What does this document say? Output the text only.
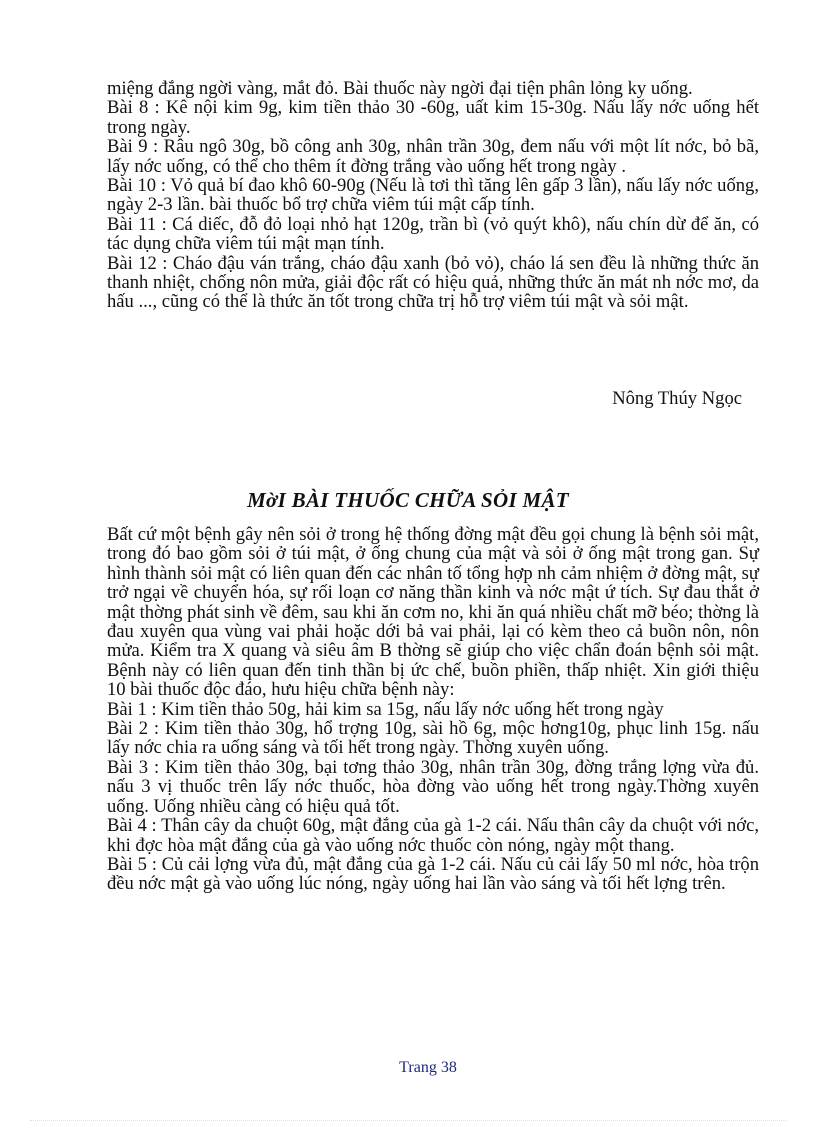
miệng đắng ngời vàng, mắt đỏ. Bài thuốc này ngời đại tiện phân lỏng ky uống.

Bài 8 : Kê nội kim 9g, kim tiền thảo 30 -60g, uất kim 15-30g. Nấu lấy nớc uống hết trong ngày.

Bài 9 : Râu ngô 30g, bồ công anh 30g, nhân trần 30g, đem nấu với một lít nớc, bỏ bã, lấy nớc uống, có thể cho thêm ít đờng trắng vào uống hết trong ngày .

Bài 10 : Vỏ quả bí đao khô 60-90g (Nếu là tơi thì tăng lên gấp 3 lần), nấu lấy nớc uống, ngày 2-3 lần. bài thuốc bổ trợ chữa viêm túi mật cấp tính.

Bài 11 : Cá diếc, đỗ đỏ loại nhỏ hạt 120g, trần bì (vỏ quýt khô), nấu chín dừ để ăn, có tác dụng chữa viêm túi mật mạn tính.

Bài 12 : Cháo đậu ván trắng, cháo đậu xanh (bỏ vỏ), cháo lá sen đều là những thức ăn thanh nhiệt, chống nôn mửa, giải độc rất có hiệu quả, những thức ăn mát nh nớc mơ, da hấu ..., cũng có thể là thức ăn tốt trong chữa trị hỗ trợ viêm túi mật và sỏi mật.

Nông Thúy Ngọc
MờI BÀI THUỐC CHỮA SỎI MẬT

Bất cứ một bệnh gây nên sỏi ở trong hệ thống đờng mật đều gọi chung là bệnh sỏi mật, trong đó bao gồm sỏi ở túi mật, ở ống chung của mật và sỏi ở ống mật trong gan. Sự hình thành sỏi mật có liên quan đến các nhân tố tổng hợp nh cảm nhiệm ở đờng mật, sự trở ngại về chuyển hóa, sự rối loạn cơ năng thần kinh và nớc mật ứ tích. Sự đau thắt ở mật thờng phát sinh về đêm, sau khi ăn cơm no, khi ăn quá nhiều chất mỡ béo; thờng là đau xuyên qua vùng vai phải hoặc dới bả vai phải, lại có kèm theo cả buồn nôn, nôn mửa. Kiểm tra X quang và siêu âm B thờng sẽ giúp cho việc chẩn đoán bệnh sỏi mật. Bệnh này có liên quan đến tinh thần bị ức chế, buồn phiền, thấp nhiệt. Xin giới thiệu 10 bài thuốc độc đáo, hưu hiệu chữa bệnh này:

Bài 1 : Kim tiền thảo 50g, hải kim sa 15g, nấu lấy nớc uống hết trong ngày

Bài 2 : Kim tiền thảo 30g, hổ trợng 10g, sài hồ 6g, mộc hơng10g, phục linh 15g. nấu lấy nớc chia ra uống sáng và tối hết trong ngày. Thờng xuyên uống.

Bài 3 : Kim tiền thảo 30g, bại tơng thảo 30g, nhân trần 30g, đờng trắng lợng vừa đủ. nấu 3 vị thuốc trên lấy nớc thuốc, hòa đờng vào uống hết trong ngày.Thờng xuyên uống. Uống nhiều càng có hiệu quả tốt.

Bài 4 : Thân cây da chuột 60g, mật đắng của gà 1-2 cái. Nấu thân cây da chuột với nớc, khi đợc hòa mật đắng của gà vào uống nớc thuốc còn nóng, ngày một thang.

Bài 5 : Củ cải lợng vừa đủ, mật đắng của gà 1-2 cái. Nấu củ cải lấy 50 ml nớc, hòa trộn đều nớc mật gà vào uống lúc nóng, ngày uống hai lần vào sáng và tối hết lợng trên.

Trang 38
